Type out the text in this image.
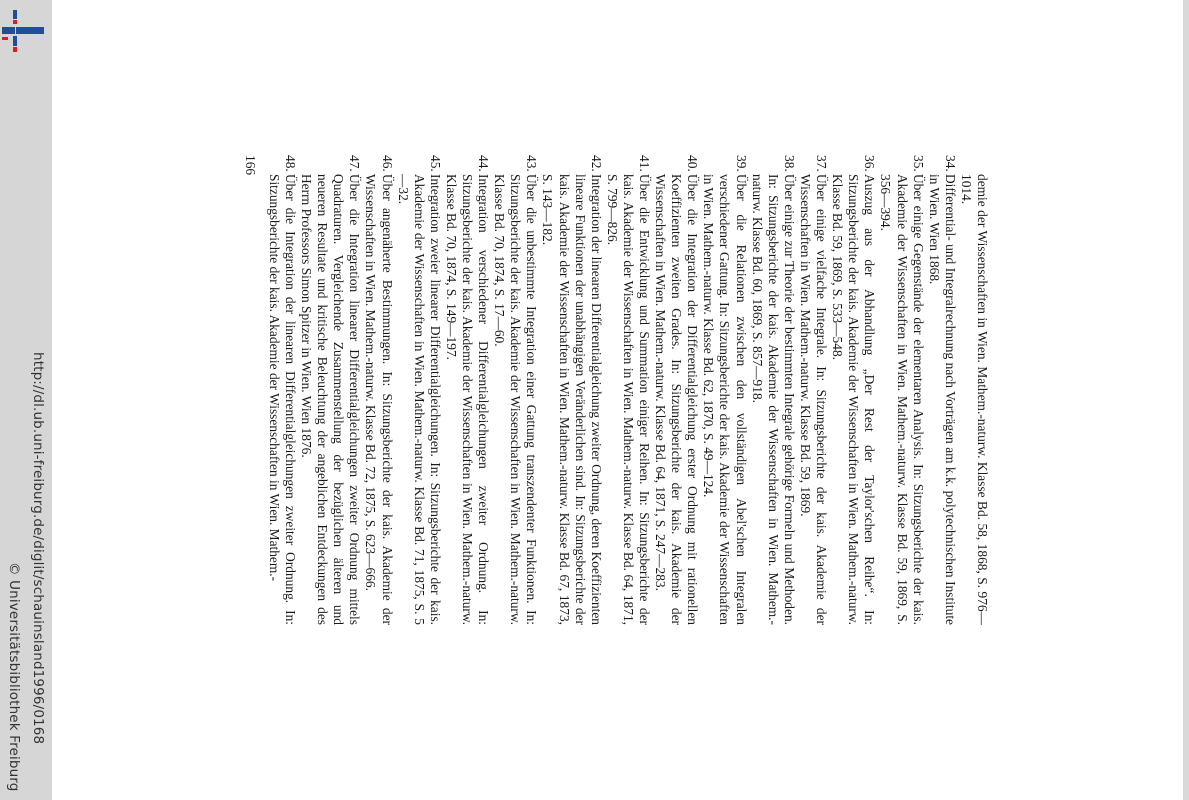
http://dl.ub.uni-freiburg.de/diglit/schauinsland1996/0168
© Universitätsbibliothek Freiburg
demie der Wissenschaften in Wien. Mathem.-naturw. Klasse Bd. 58, 1868, S. 976—1014.
34.
Differential- und Integralrechnung nach Vorträgen am k.k. polytechnischen Institute in Wien. Wien 1868.
35.
Über einige Gegenstände der elementaren Analysis. In: Sitzungsberichte der kais. Akademie der Wissenschaften in Wien. Mathem.-naturw. Klasse Bd. 59, 1869, S. 356—394.
36.
Auszug aus der Abhandlung „Der Rest der Taylor'schen Reihe“. In: Sitzungsberichte der kais. Akademie der Wissenschaften in Wien. Mathem.-naturw. Klasse Bd. 59, 1869, S. 533—548.
37.
Über einige vielfache Integrale. In: Sitzungsberichte der kais. Akademie der Wissenschaften in Wien. Mathem.-naturw. Klasse Bd. 59, 1869.
38.
Über einige zur Theorie der bestimmten Integrale gehörige Formeln und Methoden. In: Sitzungsberichte der kais. Akademie der Wissenschaften in Wien. Mathem.-naturw. Klasse Bd. 60, 1869, S. 857—918.
39.
Über die Relationen zwischen den vollständigen Abel'schen Integralen verschiedener Gattung. In: Sitzungsberichte der kais. Akademie der Wissenschaften in Wien. Mathem.-naturw. Klasse Bd. 62, 1870, S. 49—124.
40.
Über die Integration der Differentialgleichung erster Ordnung mit rationellen Koeffizienten zweiten Grades. In: Sitzungsberichte der kais. Akademie der Wissenschaften in Wien. Mathem.-naturw. Klasse Bd. 64, 1871, S. 247—283.
41.
Über die Entwicklung und Summation einiger Reihen. In: Sitzungsberichte der kais. Akademie der Wissenschaften in Wien. Mathem.-naturw. Klasse Bd. 64, 1871, S. 799—826.
42.
Integration der linearen Differentialgleichung zweiter Ordnung, deren Koeffizienten lineare Funktionen der unabhängigen Veränderlichen sind. In: Sitzungsberichte der kais. Akademie der Wissenschaften in Wien. Mathem.-naturw. Klasse Bd. 67, 1873, S. 143—182.
43.
Über die unbestimmte Integration einer Gattung transzendenter Funktionen. In: Sitzungsberichte der kais. Akademie der Wissenschaften in Wien. Mathem.-naturw. Klasse Bd. 70, 1874, S. 17—60.
44.
Integration verschiedener Differentialgleichungen zweiter Ordnung. In: Sitzungsberichte der kais. Akademie der Wissenschaften in Wien. Mathem.-naturw. Klasse Bd. 70, 1874, S. 149—197.
45.
Integration zweier linearer Differentialgleichungen. In: Sitzungsberichte der kais. Akademie der Wissenschaften in Wien. Mathem.-naturw. Klasse Bd. 71, 1875, S. 5—32.
46.
Über angenäherte Bestimmungen. In: Sitzungsberichte der kais. Akademie der Wissenschaften in Wien. Mathem.-naturw. Klasse Bd. 72, 1875, S. 623—666.
47.
Über die Integration linearer Differentialgleichungen zweiter Ordnung mittels Quadraturen. Vergleichende Zusammenstellung der bezüglichen älteren und neueren Resultate und kritische Beleuchtung der angeblichen Entdeckungen des Herrn Professors Simon Spitzer in Wien. Wien 1876.
48.
Über die Integration der linearen Differentialgleichungen zweiter Ordnung. In: Sitzungsberichte der kais. Akademie der Wissenschaften in Wien. Mathem.-
166
